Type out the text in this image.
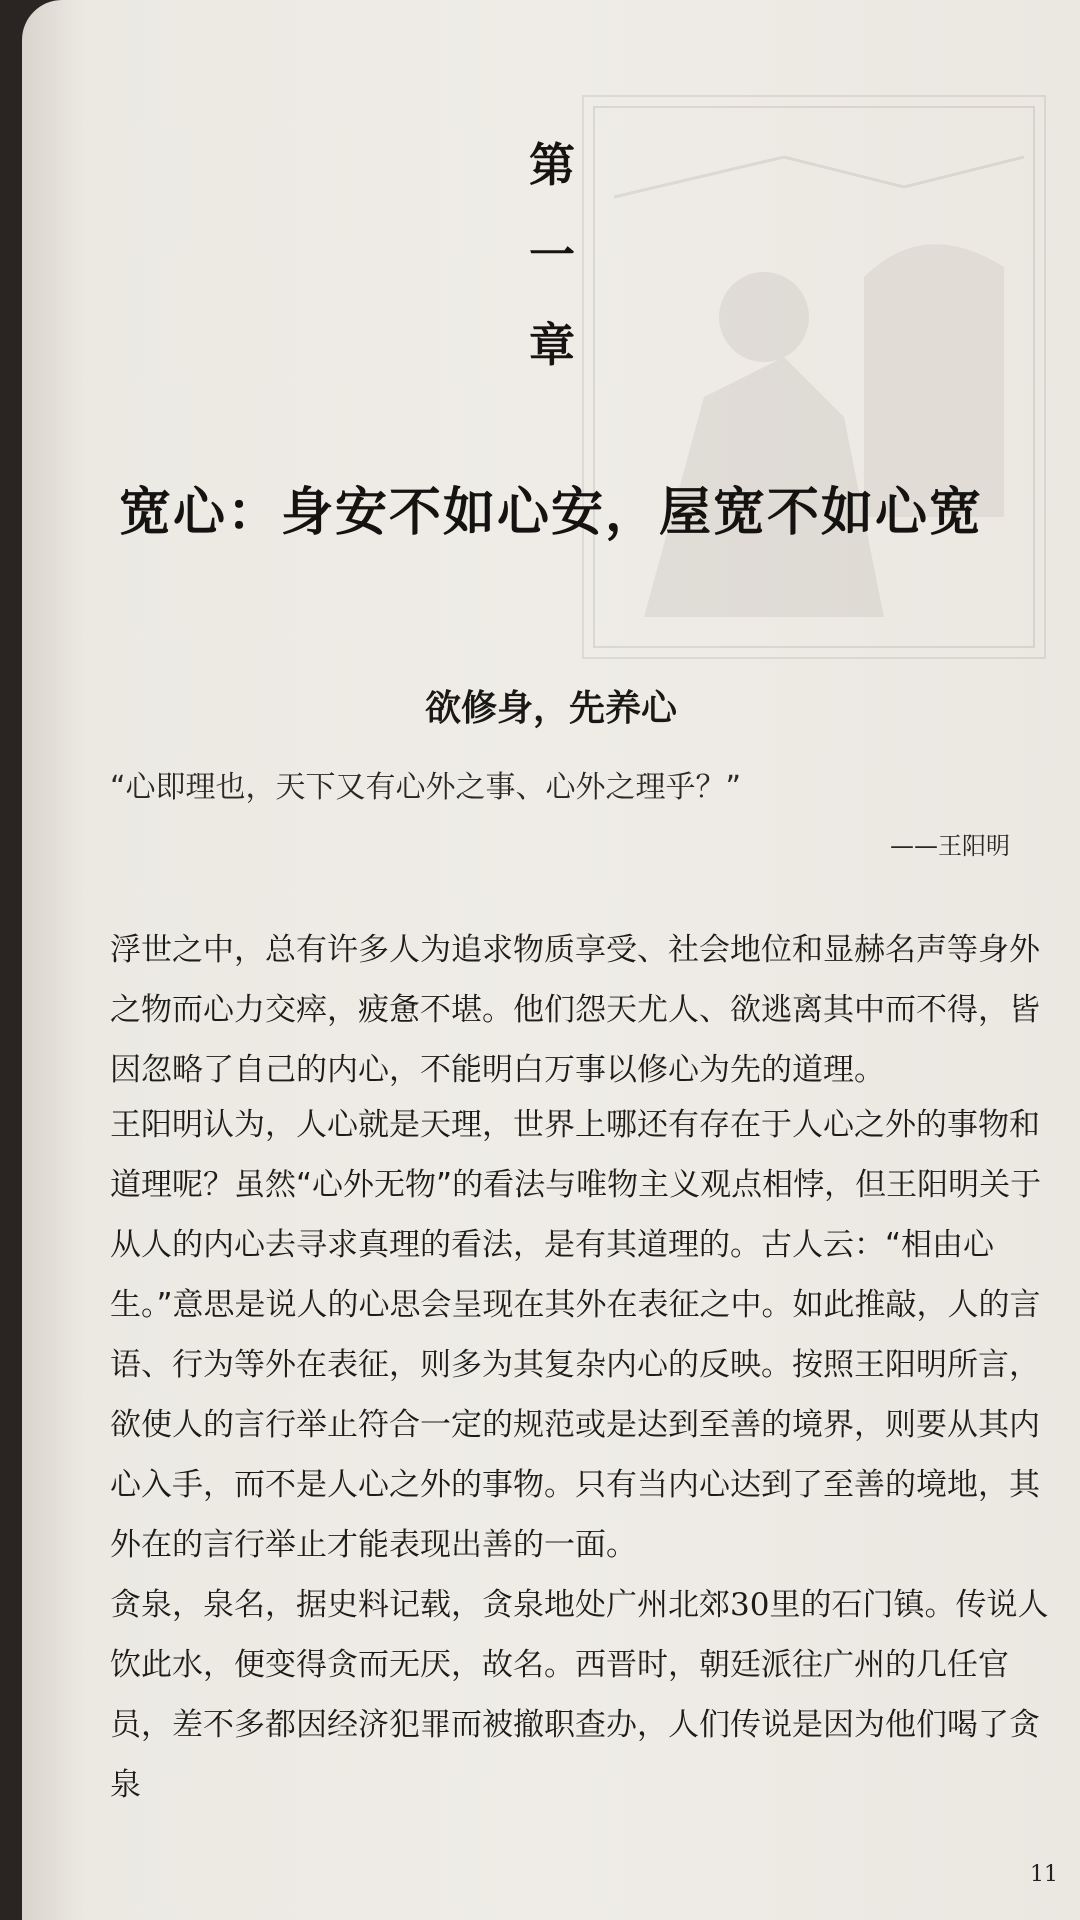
第
一
章
宽心：身安不如心安，屋宽不如心宽
欲修身，先养心
“心即理也，天下又有心外之事、心外之理乎？”
——王阳明

浮世之中，总有许多人为追求物质享受、社会地位和显赫名声等身外之物而心力交瘁，疲惫不堪。他们怨天尤人、欲逃离其中而不得，皆因忽略了自己的内心，不能明白万事以修心为先的道理。

王阳明认为，人心就是天理，世界上哪还有存在于人心之外的事物和道理呢？虽然“心外无物”的看法与唯物主义观点相悖，但王阳明关于从人的内心去寻求真理的看法，是有其道理的。古人云：“相由心生。”意思是说人的心思会呈现在其外在表征之中。如此推敲，人的言语、行为等外在表征，则多为其复杂内心的反映。按照王阳明所言，欲使人的言行举止符合一定的规范或是达到至善的境界，则要从其内心入手，而不是人心之外的事物。只有当内心达到了至善的境地，其外在的言行举止才能表现出善的一面。

贪泉，泉名，据史料记载，贪泉地处广州北郊30里的石门镇。传说人饮此水，便变得贪而无厌，故名。西晋时，朝廷派往广州的几任官员，差不多都因经济犯罪而被撤职查办，人们传说是因为他们喝了贪泉

11
